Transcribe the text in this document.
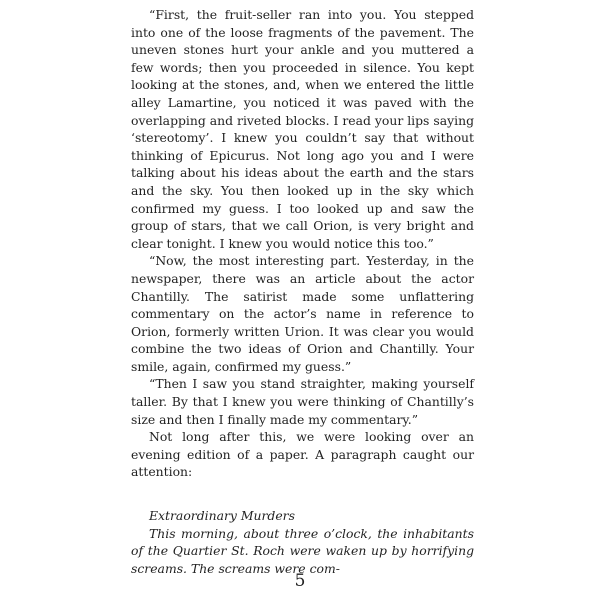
“First, the fruit-seller ran into you. You stepped into one of the loose fragments of the pavement. The uneven stones hurt your ankle and you muttered a few words; then you proceeded in silence. You kept looking at the stones, and, when we entered the little alley Lamartine, you noticed it was paved with the overlapping and riveted blocks. I read your lips saying ‘stereotomy’. I knew you couldn’t say that without thinking of Epicurus. Not long ago you and I were talking about his ideas about the earth and the stars and the sky. You then looked up in the sky which confirmed my guess. I too looked up and saw the group of stars, that we call Orion, is very bright and clear tonight. I knew you would notice this too.”

“Now, the most interesting part. Yesterday, in the newspaper, there was an article about the actor Chantilly. The satirist made some unflattering commentary on the actor’s name in reference to Orion, formerly written Urion. It was clear you would combine the two ideas of Orion and Chantilly. Your smile, again, confirmed my guess.”

“Then I saw you stand straighter, making yourself taller. By that I knew you were thinking of Chantilly’s size and then I finally made my commentary.”

Not long after this, we were looking over an evening edition of a paper. A paragraph caught our attention:

Extraordinary Murders

This morning, about three o’clock, the inhabitants of the Quartier St. Roch were waken up by horrifying screams. The screams were com-

5
